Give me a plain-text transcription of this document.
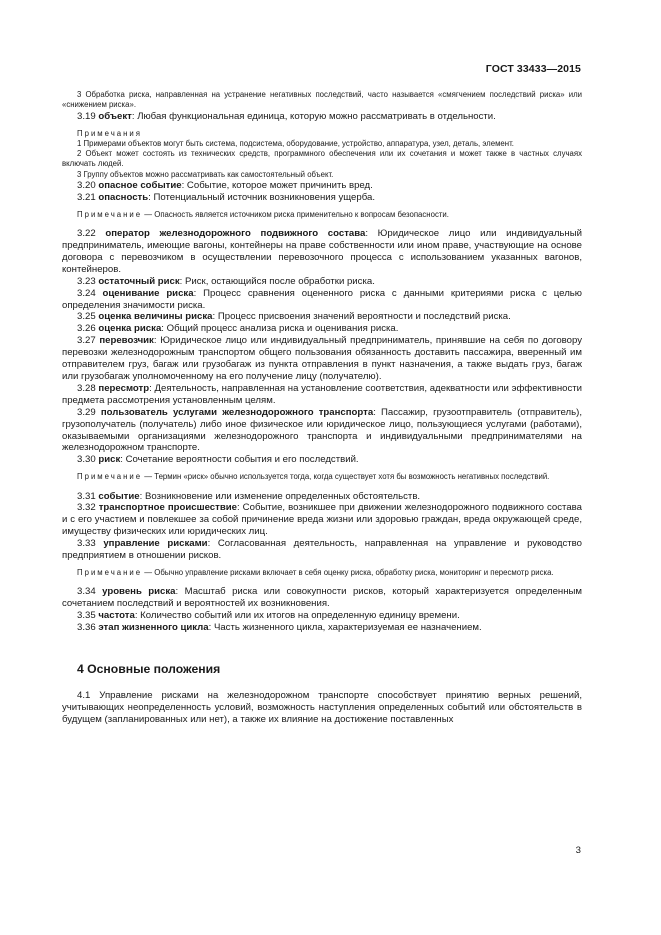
ГОСТ 33433—2015

3 Обработка риска, направленная на устранение негативных последствий, часто называется «смягчением последствий риска» или «снижением риска».

3.19 объект: Любая функциональная единица, которую можно рассматривать в отдельности.

Примечания

1 Примерами объектов могут быть система, подсистема, оборудование, устройство, аппаратура, узел, деталь, элемент.

2 Объект может состоять из технических средств, программного обеспечения или их сочетания и может также в частных случаях включать людей.

3 Группу объектов можно рассматривать как самостоятельный объект.

3.20 опасное событие: Событие, которое может причинить вред.

3.21 опасность: Потенциальный источник возникновения ущерба.

Примечание — Опасность является источником риска применительно к вопросам безопасности.

3.22 оператор железнодорожного подвижного состава: Юридическое лицо или индивидуальный предприниматель, имеющие вагоны, контейнеры на праве собственности или ином праве, участвующие на основе договора с перевозчиком в осуществлении перевозочного процесса с использованием указанных вагонов, контейнеров.

3.23 остаточный риск: Риск, остающийся после обработки риска.

3.24 оценивание риска: Процесс сравнения оцененного риска с данными критериями риска с целью определения значимости риска.

3.25 оценка величины риска: Процесс присвоения значений вероятности и последствий риска.

3.26 оценка риска: Общий процесс анализа риска и оценивания риска.

3.27 перевозчик: Юридическое лицо или индивидуальный предприниматель, принявшие на себя по договору перевозки железнодорожным транспортом общего пользования обязанность доставить пассажира, вверенный им отправителем груз, багаж или грузобагаж из пункта отправления в пункт назначения, а также выдать груз, багаж или грузобагаж уполномоченному на его получение лицу (получателю).

3.28 пересмотр: Деятельность, направленная на установление соответствия, адекватности или эффективности предмета рассмотрения установленным целям.

3.29 пользователь услугами железнодорожного транспорта: Пассажир, грузоотправитель (отправитель), грузополучатель (получатель) либо иное физическое или юридическое лицо, пользующиеся услугами (работами), оказываемыми организациями железнодорожного транспорта и индивидуальными предпринимателями на железнодорожном транспорте.

3.30 риск: Сочетание вероятности события и его последствий.

Примечание — Термин «риск» обычно используется тогда, когда существует хотя бы возможность негативных последствий.

3.31 событие: Возникновение или изменение определенных обстоятельств.

3.32 транспортное происшествие: Событие, возникшее при движении железнодорожного подвижного состава и с его участием и повлекшее за собой причинение вреда жизни или здоровью граждан, вреда окружающей среде, имуществу физических или юридических лиц.

3.33 управление рисками: Согласованная деятельность, направленная на управление и руководство предприятием в отношении рисков.

Примечание — Обычно управление рисками включает в себя оценку риска, обработку риска, мониторинг и пересмотр риска.

3.34 уровень риска: Масштаб риска или совокупности рисков, который характеризуется определенным сочетанием последствий и вероятностей их возникновения.

3.35 частота: Количество событий или их итогов на определенную единицу времени.

3.36 этап жизненного цикла: Часть жизненного цикла, характеризуемая ее назначением.

4 Основные положения

4.1 Управление рисками на железнодорожном транспорте способствует принятию верных решений, учитывающих неопределенность условий, возможность наступления определенных событий или обстоятельств в будущем (запланированных или нет), а также их влияние на достижение поставленных

3
